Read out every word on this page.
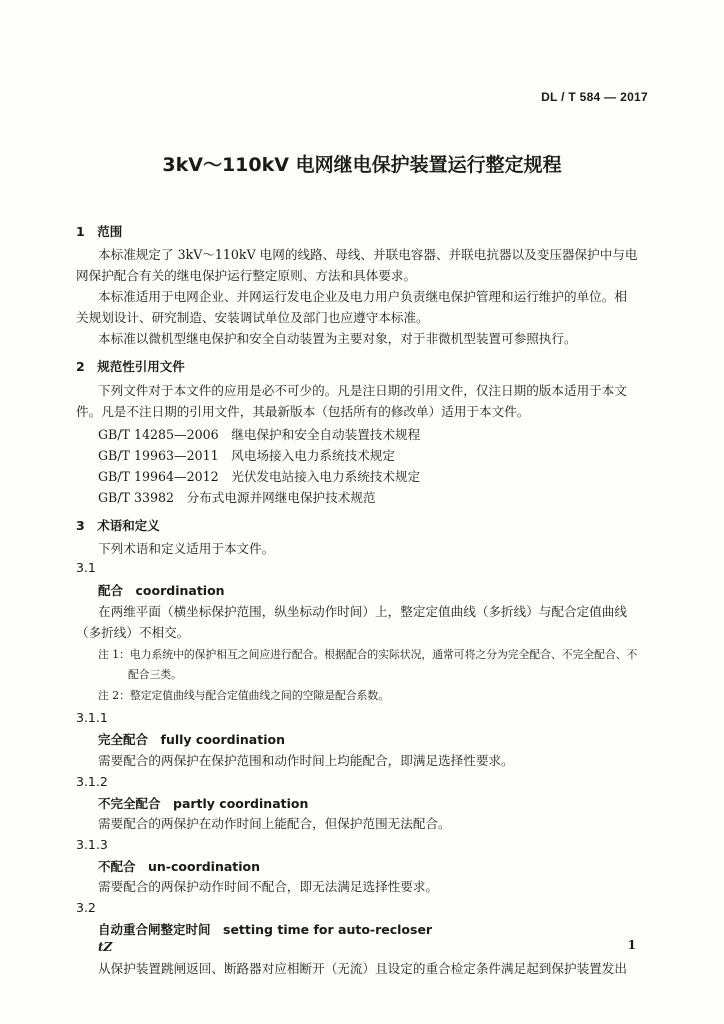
DL / T 584 — 2017
3kV～110kV 电网继电保护装置运行整定规程
1　范围
本标准规定了 3kV～110kV 电网的线路、母线、并联电容器、并联电抗器以及变压器保护中与电
网保护配合有关的继电保护运行整定原则、方法和具体要求。
本标准适用于电网企业、并网运行发电企业及电力用户负责继电保护管理和运行维护的单位。相
关规划设计、研究制造、安装调试单位及部门也应遵守本标准。
本标准以微机型继电保护和安全自动装置为主要对象，对于非微机型装置可参照执行。
2　规范性引用文件
下列文件对于本文件的应用是必不可少的。凡是注日期的引用文件，仅注日期的版本适用于本文
件。凡是不注日期的引用文件，其最新版本（包括所有的修改单）适用于本文件。
GB/T 14285—2006　继电保护和安全自动装置技术规程
GB/T 19963—2011　风电场接入电力系统技术规定
GB/T 19964—2012　光伏发电站接入电力系统技术规定
GB/T 33982　分布式电源并网继电保护技术规范
3　术语和定义
下列术语和定义适用于本文件。
3.1
配合　coordination
在两维平面（横坐标保护范围，纵坐标动作时间）上，整定定值曲线（多折线）与配合定值曲线
（多折线）不相交。
注 1：电力系统中的保护相互之间应进行配合。根据配合的实际状况，通常可将之分为完全配合、不完全配合、不
配合三类。
注 2：整定定值曲线与配合定值曲线之间的空隙是配合系数。
3.1.1
完全配合　fully coordination
需要配合的两保护在保护范围和动作时间上均能配合，即满足选择性要求。
3.1.2
不完全配合　partly coordination
需要配合的两保护在动作时间上能配合，但保护范围无法配合。
3.1.3
不配合　un-coordination
需要配合的两保护动作时间不配合，即无法满足选择性要求。
3.2
自动重合闸整定时间　setting time for auto-recloser
tZ
从保护装置跳闸返回、断路器对应相断开（无流）且设定的重合检定条件满足起到保护装置发出
1
